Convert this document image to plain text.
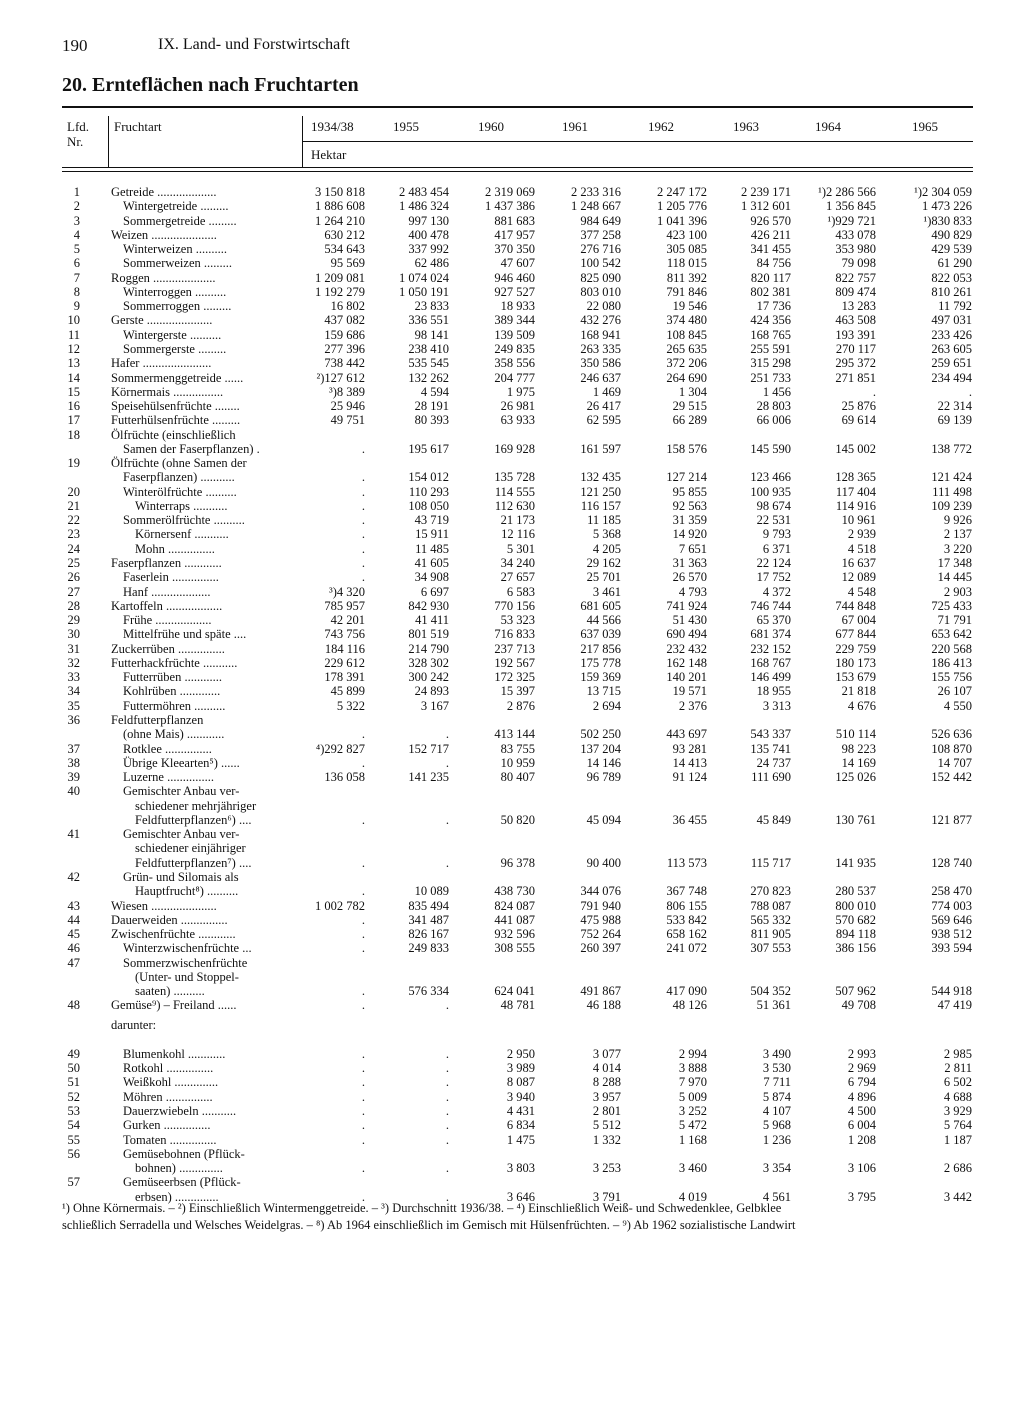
190	IX. Land- und Forstwirtschaft
20. Ernteflächen nach Fruchtarten
Lfd.
Nr.
Fruchtart	1934/38	1955	1960	1961	1962	1963	1964	1965
Hektar
1 Getreide ...................	3 150 818	2 483 454	2 319 069	2 233 316	2 247 172	2 239 171	¹)2 286 566	¹)2 304 059
2	Wintergetreide .........	1 886 608	1 486 324	1 437 386	1 248 667	1 205 776	1 312 601	1 356 845	1 473 226
3	Sommergetreide .........	1 264 210	997 130	881 683	984 649	1 041 396	926 570	¹)929 721	¹)830 833
4 Weizen .....................	630 212	400 478	417 957	377 258	423 100	426 211	433 078	490 829
5	Winterweizen ..........	534 643	337 992	370 350	276 716	305 085	341 455	353 980	429 539
6	Sommerweizen .........	95 569	62 486	47 607	100 542	118 015	84 756	79 098	61 290
7 Roggen ....................	1 209 081	1 074 024	946 460	825 090	811 392	820 117	822 757	822 053
8	Winterroggen ..........	1 192 279	1 050 191	927 527	803 010	791 846	802 381	809 474	810 261
9	Sommerroggen .........	16 802	23 833	18 933	22 080	19 546	17 736	13 283	11 792
10 Gerste .....................	437 082	336 551	389 344	432 276	374 480	424 356	463 508	497 031
11	Wintergerste ..........	159 686	98 141	139 509	168 941	108 845	168 765	193 391	233 426
12	Sommergerste .........	277 396	238 410	249 835	263 335	265 635	255 591	270 117	263 605
13 Hafer ......................	738 442	535 545	358 556	350 586	372 206	315 298	295 372	259 651
14 Sommermenggetreide ......	²)127 612	132 262	204 777	246 637	264 690	251 733	271 851	234 494
15 Körnermais ................	³)8 389	4 594	1 975	1 469	1 304	1 456	.	.
16 Speisehülsenfrüchte ........	25 946	28 191	26 981	26 417	29 515	28 803	25 876	22 314
17 Futterhülsenfrüchte .........	49 751	80 393	63 933	62 595	66 289	66 006	69 614	69 139
18 Ölfrüchte (einschließlich
Samen der Faserpflanzen) .	.	195 617	169 928	161 597	158 576	145 590	145 002	138 772
19 Ölfrüchte (ohne Samen der
Faserpflanzen) ...........	.	154 012	135 728	132 435	127 214	123 466	128 365	121 424
20	Winterölfrüchte ..........	.	110 293	114 555	121 250	95 855	100 935	117 404	111 498
21	Winterraps ...........	.	108 050	112 630	116 157	92 563	98 674	114 916	109 239
22	Sommerölfrüchte ..........	.	43 719	21 173	11 185	31 359	22 531	10 961	9 926
23	Körnersenf ...........	.	15 911	12 116	5 368	14 920	9 793	2 939	2 137
24	Mohn ...............	.	11 485	5 301	4 205	7 651	6 371	4 518	3 220
25 Faserpflanzen ............	.	41 605	34 240	29 162	31 363	22 124	16 637	17 348
26	Faserlein ...............	.	34 908	27 657	25 701	26 570	17 752	12 089	14 445
27	Hanf ...................	³)4 320	6 697	6 583	3 461	4 793	4 372	4 548	2 903
28 Kartoffeln ..................	785 957	842 930	770 156	681 605	741 924	746 744	744 848	725 433
29	Frühe ..................	42 201	41 411	53 323	44 566	51 430	65 370	67 004	71 791
30	Mittelfrühe und späte ....	743 756	801 519	716 833	637 039	690 494	681 374	677 844	653 642
31 Zuckerrüben ...............	184 116	214 790	237 713	217 856	232 432	232 152	229 759	220 568
32 Futterhackfrüchte ...........	229 612	328 302	192 567	175 778	162 148	168 767	180 173	186 413
33	Futterrüben ............	178 391	300 242	172 325	159 369	140 201	146 499	153 679	155 756
34	Kohlrüben .............	45 899	24 893	15 397	13 715	19 571	18 955	21 818	26 107
35	Futtermöhren ..........	5 322	3 167	2 876	2 694	2 376	3 313	4 676	4 550
36 Feldfutterpflanzen
(ohne Mais) ............	.	.	413 144	502 250	443 697	543 337	510 114	526 636
37	Rotklee ...............	⁴)292 827	152 717	83 755	137 204	93 281	135 741	98 223	108 870
38	Übrige Kleearten⁵) ......	.	.	10 959	14 146	14 413	24 737	14 169	14 707
39	Luzerne ...............	136 058	141 235	80 407	96 789	91 124	111 690	125 026	152 442
40	Gemischter Anbau ver-
schiedener mehrjähriger
Feldfutterpflanzen⁶) ....	.	.	50 820	45 094	36 455	45 849	130 761	121 877
41	Gemischter Anbau ver-
schiedener einjähriger
Feldfutterpflanzen⁷) ....	.	.	96 378	90 400	113 573	115 717	141 935	128 740
42	Grün- und Silomais als
Hauptfrucht⁸) ..........	.	10 089	438 730	344 076	367 748	270 823	280 537	258 470
43 Wiesen .....................	1 002 782	835 494	824 087	791 940	806 155	788 087	800 010	774 003
44 Dauerweiden ...............	.	341 487	441 087	475 988	533 842	565 332	570 682	569 646
45 Zwischenfrüchte ............	.	826 167	932 596	752 264	658 162	811 905	894 118	938 512
46	Winterzwischenfrüchte ...	.	249 833	308 555	260 397	241 072	307 553	386 156	393 594
47	Sommerzwischenfrüchte
(Unter- und Stoppel-
saaten) ..........	.	576 334	624 041	491 867	417 090	504 352	507 962	544 918
48 Gemüse⁹) – Freiland ......	.	.	48 781	46 188	48 126	51 361	49 708	47 419
darunter:
49	Blumenkohl ............	.	.	2 950	3 077	2 994	3 490	2 993	2 985
50	Rotkohl ...............	.	.	3 989	4 014	3 888	3 530	2 969	2 811
51	Weißkohl ..............	.	.	8 087	8 288	7 970	7 711	6 794	6 502
52	Möhren ...............	.	.	3 940	3 957	5 009	5 874	4 896	4 688
53	Dauerzwiebeln ...........	.	.	4 431	2 801	3 252	4 107	4 500	3 929
54	Gurken ...............	.	.	6 834	5 512	5 472	5 968	6 004	5 764
55	Tomaten ...............	.	.	1 475	1 332	1 168	1 236	1 208	1 187
56	Gemüsebohnen (Pflück-
bohnen) ..............	.	.	3 803	3 253	3 460	3 354	3 106	2 686
57	Gemüseerbsen (Pflück-
erbsen) ..............	.	.	3 646	3 791	4 019	4 561	3 795	3 442
¹) Ohne Körnermais. – ²) Einschließlich Wintermenggetreide. – ³) Durchschnitt 1936/38. – ⁴) Einschließlich Weiß- und Schwedenklee, Gelbklee
schließlich Serradella und Welsches Weidelgras. – ⁸) Ab 1964 einschließlich im Gemisch mit Hülsenfrüchten. – ⁹) Ab 1962 sozialistische Landwirt
